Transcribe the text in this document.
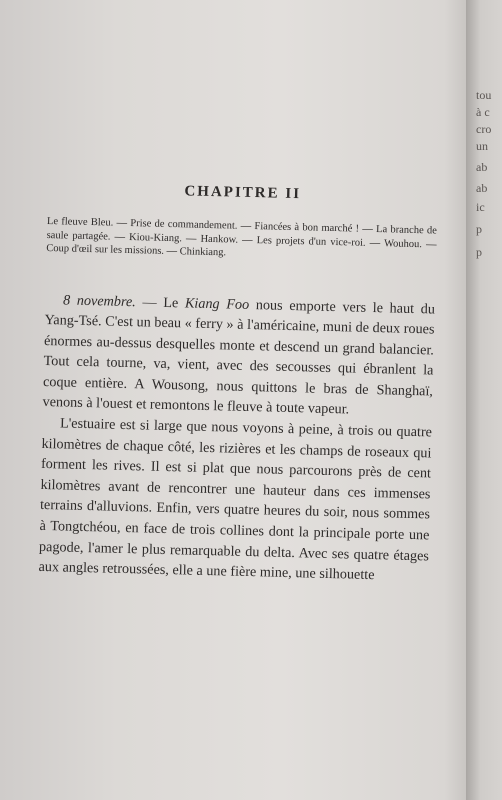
CHAPITRE II

Le fleuve Bleu. — Prise de commandement. — Fiancées à bon marché ! — La branche de saule partagée. — Kiou-Kiang. — Hankow. — Les projets d'un vice-roi. — Wouhou. — Coup d'œil sur les missions. — Chinkiang.

8 novembre. — Le Kiang Foo nous emporte vers le haut du Yang-Tsé. C'est un beau « ferry » à l'américaine, muni de deux roues énormes au-dessus desquelles monte et descend un grand balancier. Tout cela tourne, va, vient, avec des secousses qui ébranlent la coque entière. A Wousong, nous quittons le bras de Shanghaï, venons à l'ouest et remontons le fleuve à toute vapeur.

L'estuaire est si large que nous voyons à peine, à trois ou quatre kilomètres de chaque côté, les rizières et les champs de roseaux qui forment les rives. Il est si plat que nous parcourons près de cent kilomètres avant de rencontrer une hauteur dans ces immenses terrains d'alluvions. Enfin, vers quatre heures du soir, nous sommes à Tongtchéou, en face de trois collines dont la principale porte une pagode, l'amer le plus remarquable du delta. Avec ses quatre étages aux angles retroussées, elle a une fière mine, une silhouette

tou
à c
cro
un
ab
ab
ic
p
p
